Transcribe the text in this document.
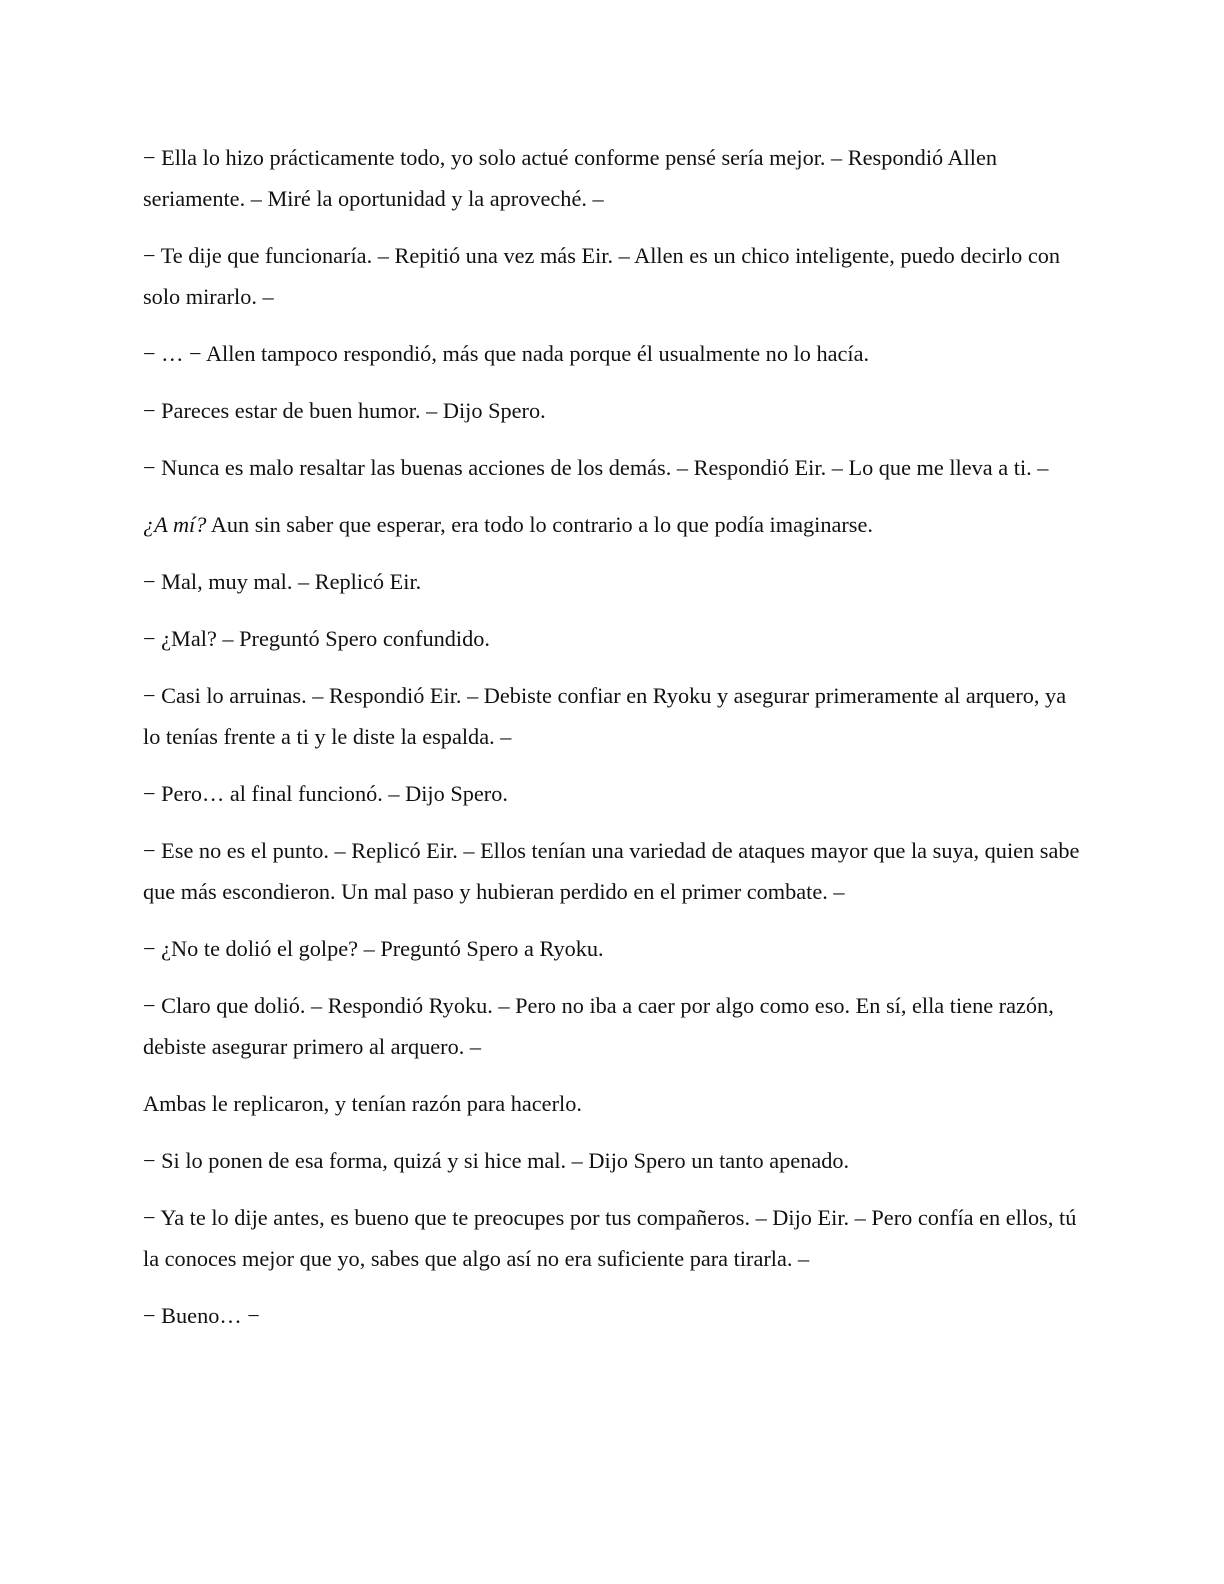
− Ella lo hizo prácticamente todo, yo solo actué conforme pensé sería mejor. – Respondió Allen seriamente. – Miré la oportunidad y la aproveché. –

− Te dije que funcionaría. – Repitió una vez más Eir. – Allen es un chico inteligente, puedo decirlo con solo mirarlo. –

− … − Allen tampoco respondió, más que nada porque él usualmente no lo hacía.

− Pareces estar de buen humor. – Dijo Spero.

− Nunca es malo resaltar las buenas acciones de los demás. – Respondió Eir. – Lo que me lleva a ti. –

¿A mí? Aun sin saber que esperar, era todo lo contrario a lo que podía imaginarse.

− Mal, muy mal. – Replicó Eir.

− ¿Mal? – Preguntó Spero confundido.

− Casi lo arruinas. – Respondió Eir. – Debiste confiar en Ryoku y asegurar primeramente al arquero, ya lo tenías frente a ti y le diste la espalda. –

− Pero… al final funcionó. – Dijo Spero.

− Ese no es el punto. – Replicó Eir. – Ellos tenían una variedad de ataques mayor que la suya, quien sabe que más escondieron. Un mal paso y hubieran perdido en el primer combate. –

− ¿No te dolió el golpe? – Preguntó Spero a Ryoku.

− Claro que dolió. – Respondió Ryoku. – Pero no iba a caer por algo como eso. En sí, ella tiene razón, debiste asegurar primero al arquero. –

Ambas le replicaron, y tenían razón para hacerlo.

− Si lo ponen de esa forma, quizá y si hice mal. – Dijo Spero un tanto apenado.

− Ya te lo dije antes, es bueno que te preocupes por tus compañeros. – Dijo Eir. – Pero confía en ellos, tú la conoces mejor que yo, sabes que algo así no era suficiente para tirarla. –

− Bueno… −
